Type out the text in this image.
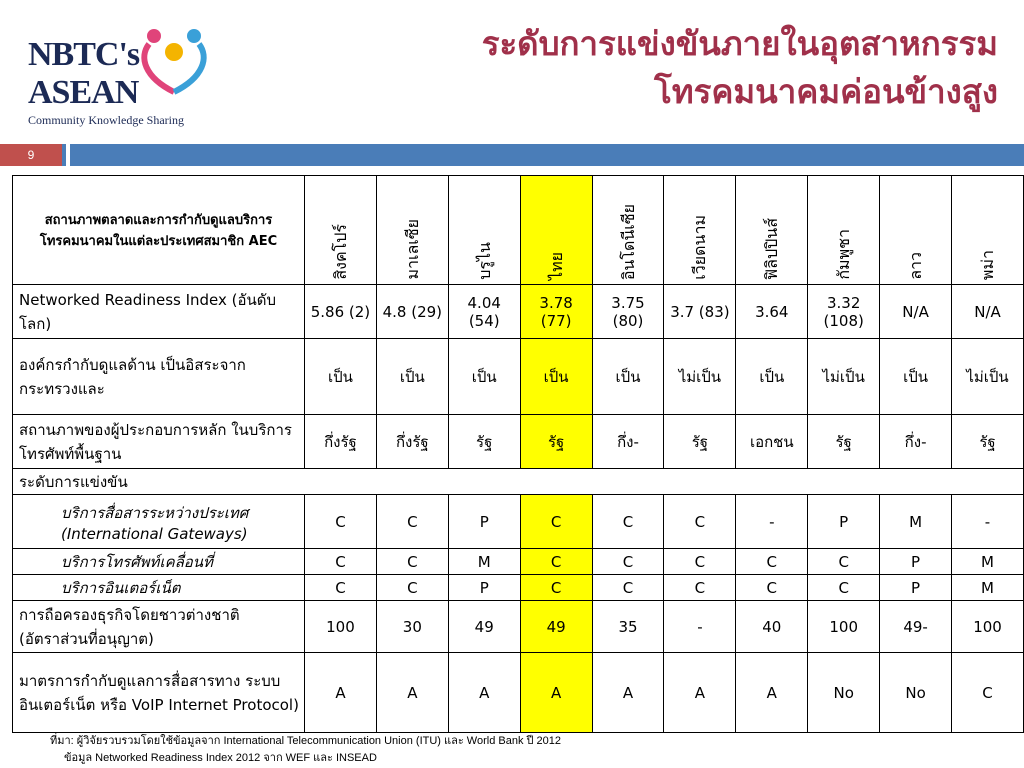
NBTC's
ASEAN
Community Knowledge Sharing
ระดับการแข่งขันภายในอุตสาหกรรม
โทรคมนาคมค่อนข้างสูง
9
สถานภาพตลาดและการกำกับดูแลบริการโทรคมนาคมในแต่ละประเทศสมาชิก AEC	สิงคโปร์	มาเลเซีย	บรูไน	ไทย	อินโดนีเซีย	เวียดนาม	ฟิลิปปินส์	กัมพูชา	ลาว	พม่า

Networked Readiness Index (อันดับโลก)	5.86 (2)	4.8 (29)	4.04 (54)	3.78 (77)	3.75 (80)	3.7 (83)	3.64	3.32 (108)	N/A	N/A
องค์กรกำกับดูแลด้าน เป็นอิสระจากกระทรวงและ	เป็น	เป็น	เป็น	เป็น	เป็น	ไม่เป็น	เป็น	ไม่เป็น	เป็น	ไม่เป็น
สถานภาพของผู้ประกอบการหลัก ในบริการโทรศัพท์พื้นฐาน	กึ่งรัฐ	กึ่งรัฐ	รัฐ	รัฐ	กึ่ง-	รัฐ	เอกชน	รัฐ	กึ่ง-	รัฐ
ระดับการแข่งขัน										
บริการสื่อสารระหว่างประเทศ (International Gateways)	C	C	P	C	C	C	-	P	M	-
บริการโทรศัพท์เคลื่อนที่	C	C	M	C	C	C	C	C	P	M
บริการอินเตอร์เน็ต	C	C	P	C	C	C	C	C	P	M
การถือครองธุรกิจโดยชาวต่างชาติ (อัตราส่วนที่อนุญาต)	100	30	49	49	35	-	40	100	49-	100
มาตรการกำกับดูแลการสื่อสารทาง ระบบอินเตอร์เน็ต หรือ VoIP Internet Protocol)	A	A	A	A	A	A	A	No	No	C
ที่มา: ผู้วิจัยรวบรวมโดยใช้ข้อมูลจาก International Telecommunication Union (ITU) และ World Bank ปี 2012
ข้อมูล Networked Readiness Index 2012 จาก WEF และ INSEAD
